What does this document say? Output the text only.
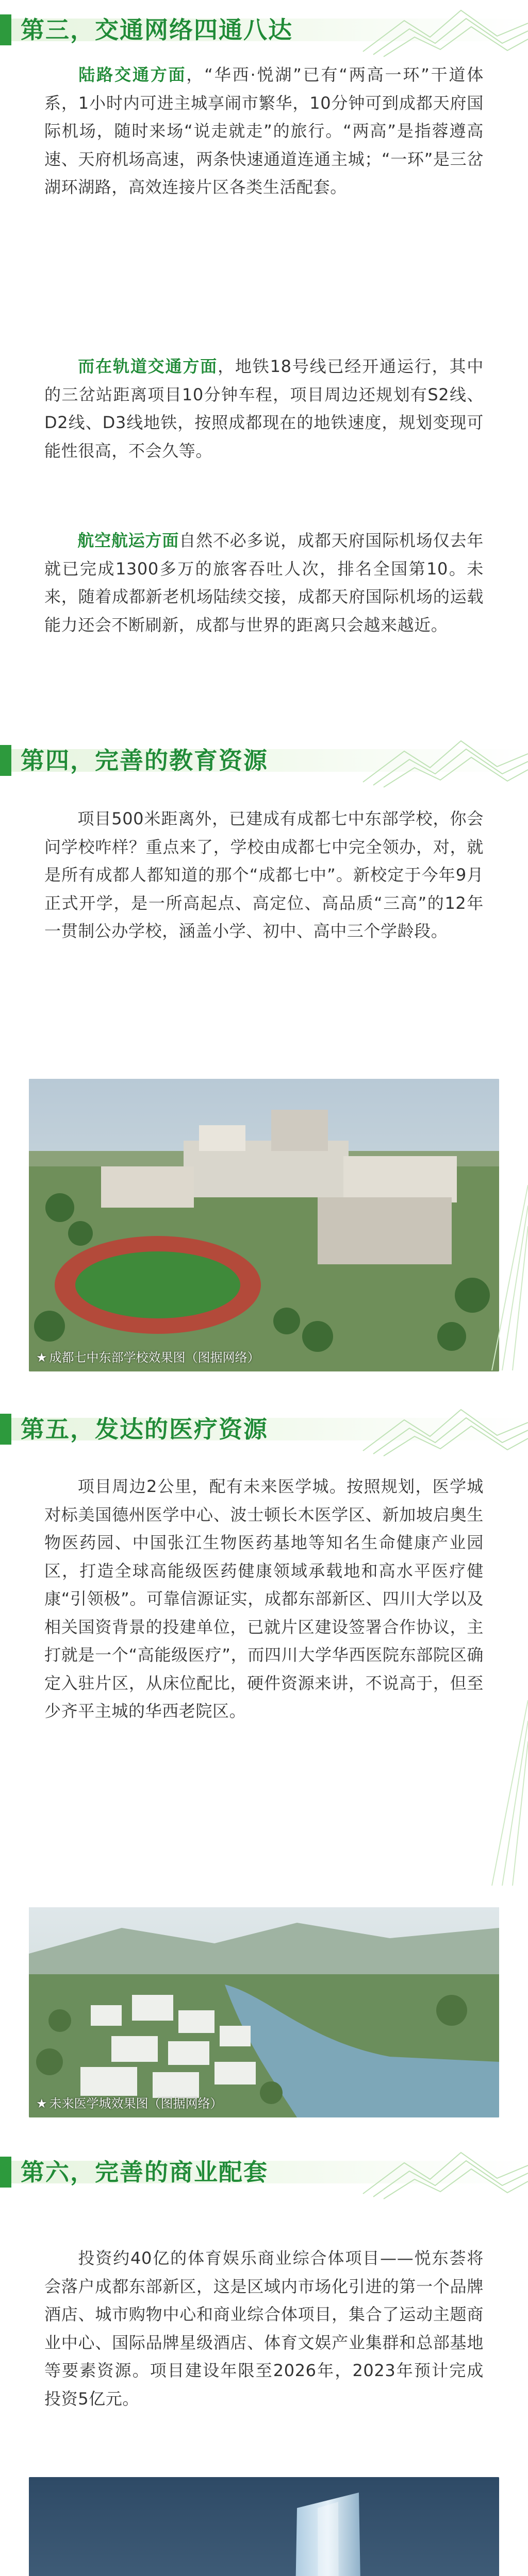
第三，交通网络四通八达

陆路交通方面，“华西·悦湖”已有“两高一环”干道体系，1小时内可进主城享闹市繁华，10分钟可到成都天府国际机场，随时来场“说走就走”的旅行。“两高”是指蓉遵高速、天府机场高速，两条快速通道连通主城；“一环”是三岔湖环湖路，高效连接片区各类生活配套。

而在轨道交通方面，地铁18号线已经开通运行，其中的三岔站距离项目10分钟车程，项目周边还规划有S2线、D2线、D3线地铁，按照成都现在的地铁速度，规划变现可能性很高，不会久等。

航空航运方面自然不必多说，成都天府国际机场仅去年就已完成1300多万的旅客吞吐人次，排名全国第10。未来，随着成都新老机场陆续交接，成都天府国际机场的运载能力还会不断刷新，成都与世界的距离只会越来越近。

第四，完善的教育资源

项目500米距离外，已建成有成都七中东部学校，你会问学校咋样？重点来了，学校由成都七中完全领办，对，就是所有成都人都知道的那个“成都七中”。新校定于今年9月正式开学，是一所高起点、高定位、高品质“三高”的12年一贯制公办学校，涵盖小学、初中、高中三个学龄段。

★ 成都七中东部学校效果图（图据网络）
第五，发达的医疗资源

项目周边2公里，配有未来医学城。按照规划，医学城对标美国德州医学中心、波士顿长木医学区、新加坡启奥生物医药园、中国张江生物医药基地等知名生命健康产业园区，打造全球高能级医药健康领域承载地和高水平医疗健康“引领极”。可靠信源证实，成都东部新区、四川大学以及相关国资背景的投建单位，已就片区建设签署合作协议，主打就是一个“高能级医疗”，而四川大学华西医院东部院区确定入驻片区，从床位配比，硬件资源来讲，不说高于，但至少齐平主城的华西老院区。

★ 未来医学城效果图（图据网络）
第六，完善的商业配套

投资约40亿的体育娱乐商业综合体项目——悦东荟将会落户成都东部新区，这是区域内市场化引进的第一个品牌酒店、城市购物中心和商业综合体项目，集合了运动主题商业中心、国际品牌星级酒店、体育文娱产业集群和总部基地等要素资源。项目建设年限至2026年，2023年预计完成投资5亿元。
